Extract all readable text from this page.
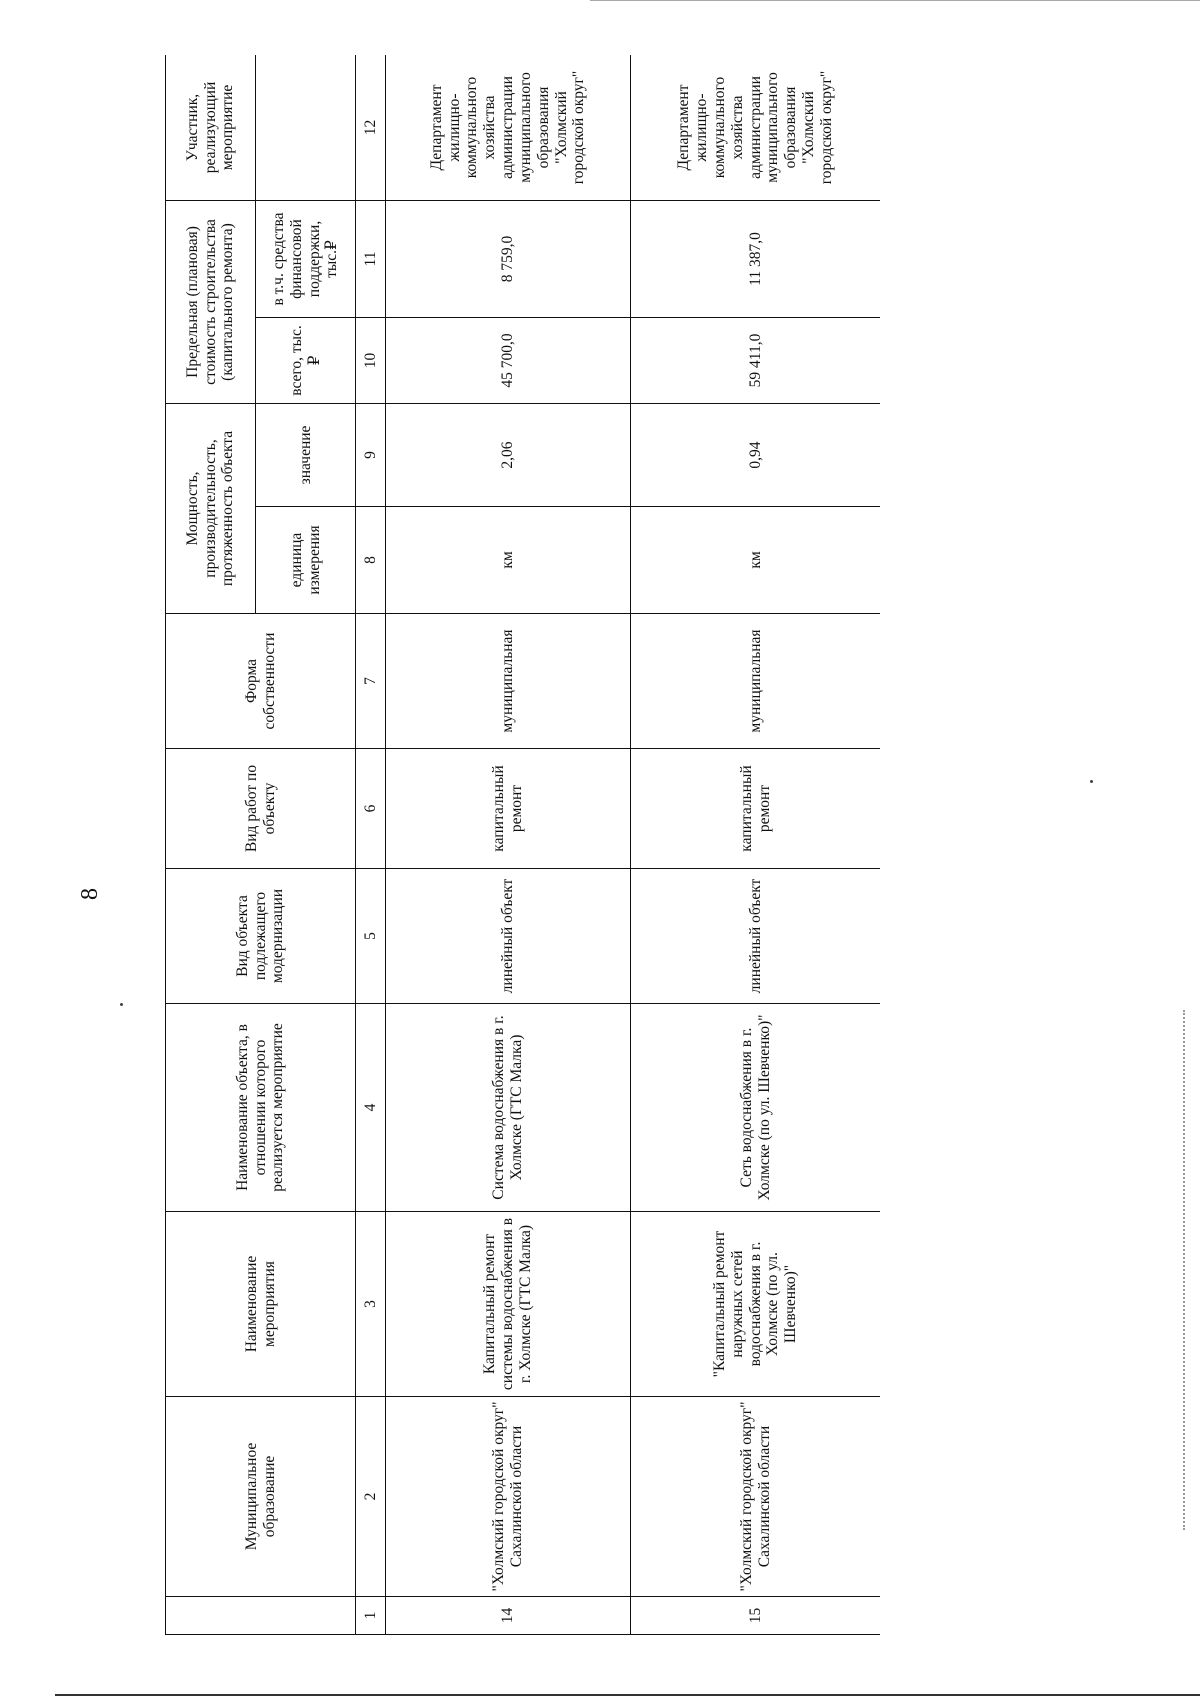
8
	Муниципальное образование	Наименование мероприятия	Наименование объекта, в отношении которого реализуется мероприятие	Вид объекта подлежащего модернизации	Вид работ по объекту	Форма собственности	Мощность, производительность, протяженность объекта		Предельная (плановая) стоимость строительства (капитального ремонта)		Участник, реализующий мероприятие
							единица измерения	значение	всего, тыс.₽	в т.ч. средства финансовой поддержки, тыс.₽	
1	2	3	4	5	6	7	8	9	10	11	12
14	"Холмский городской округ" Сахалинской области	Капитальный ремонт системы водоснабжения в г. Холмске (ГТС Малка)	Система водоснабжения в г. Холмске (ГТС Малка)	линейный объект	капитальный ремонт	муниципальная	км	2,06	45 700,0	8 759,0	Департамент жилищно-коммунального хозяйства администрации муниципального образования "Холмский городской округ"
15	"Холмский городской округ" Сахалинской области	"Капитальный ремонт наружных сетей водоснабжения в г. Холмске (по ул. Шевченко)"	Сеть водоснабжения в г. Холмске (по ул. Шевченко)"	линейный объект	капитальный ремонт	муниципальная	км	0,94	59 411,0	11 387,0	Департамент жилищно-коммунального хозяйства администрации муниципального образования "Холмский городской округ"
